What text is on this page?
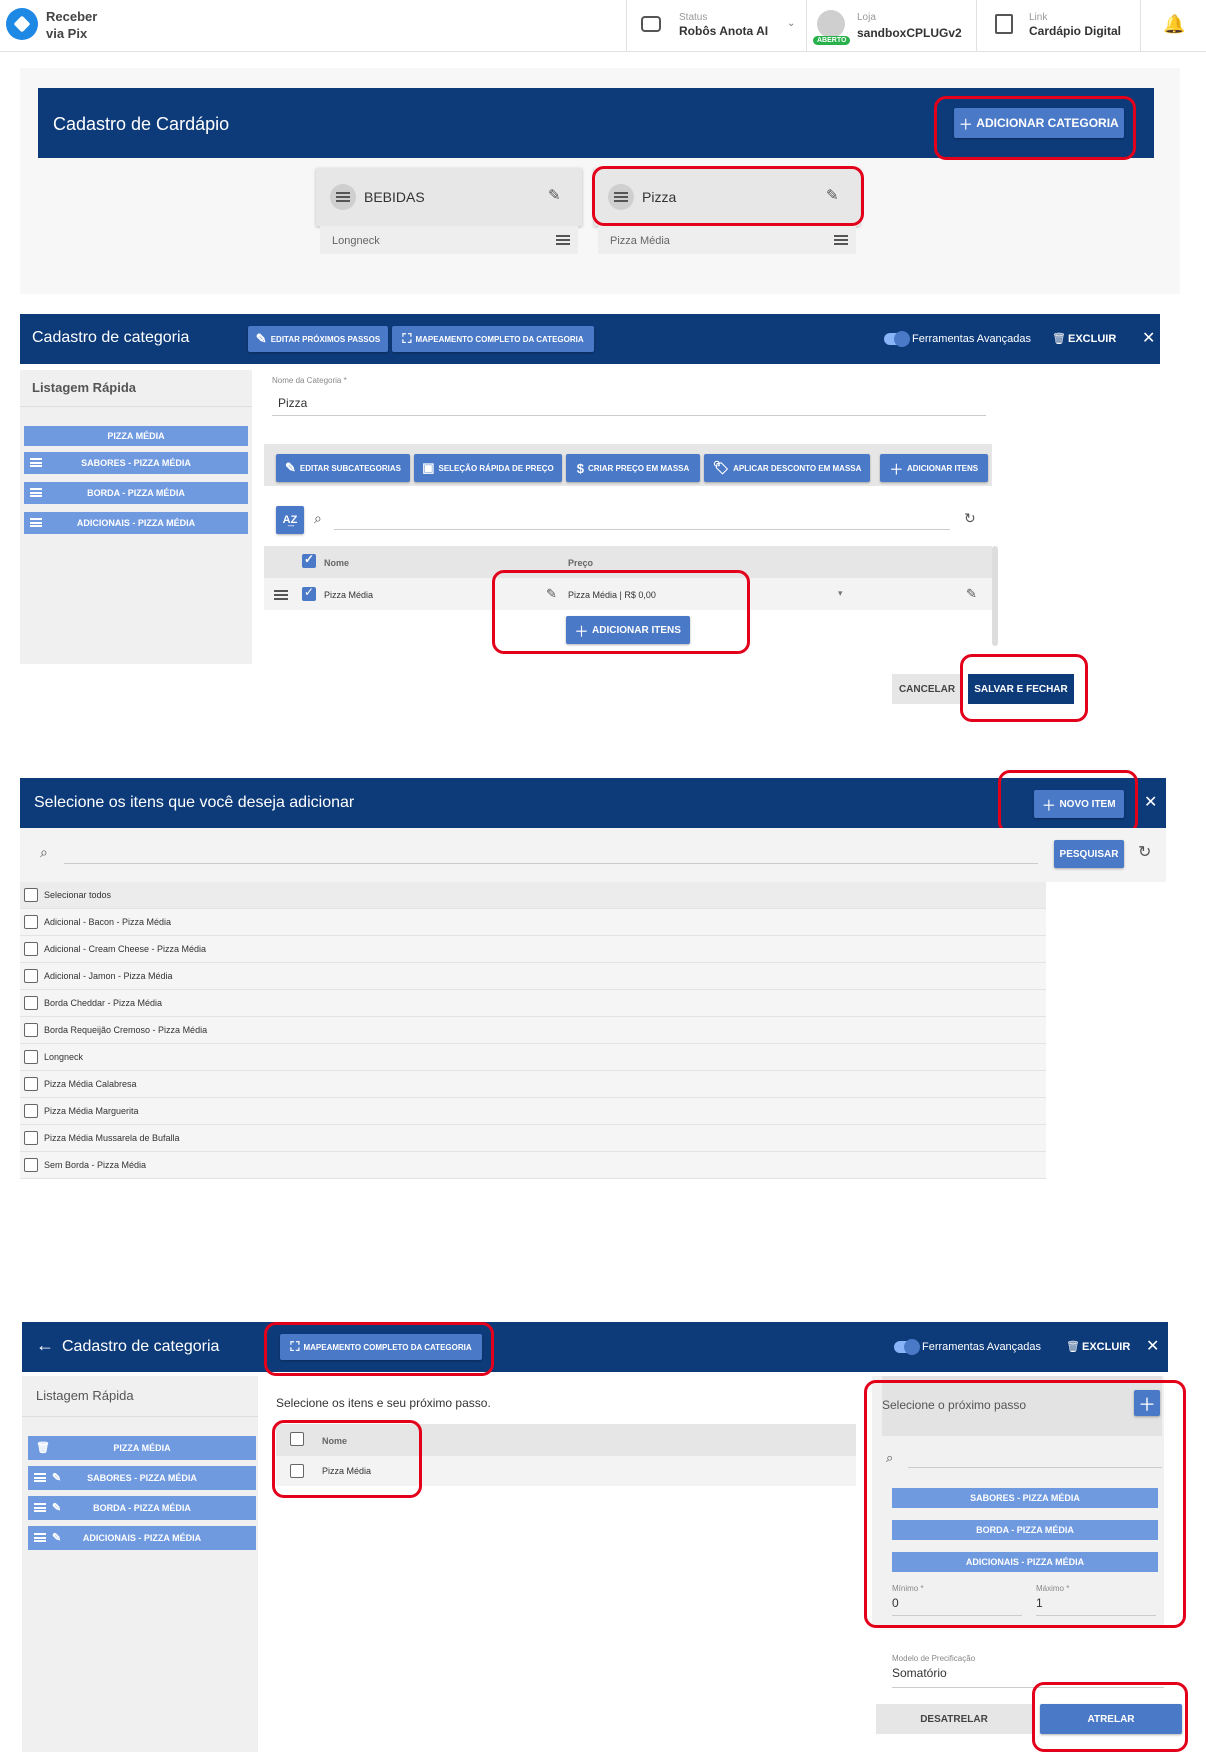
Receber via Pix
Status
Robôs Anota AI
⌄
ABERTO
Loja
sandboxCPLUGv2
Link
Cardápio Digital 🔔
Cadastro de Cardápio	＋ ADICIONAR CATEGORIA
BEBIDAS	✎
Longneck
Pizza	✎
Pizza Média
Cadastro de categoria	✎ EDITAR PRÓXIMOS PASSOS ⛶ MAPEAMENTO COMPLETO DA CATEGORIA	Ferramentas Avançadas 🗑 EXCLUIR ✕
Listagem Rápida
PIZZA MÉDIA
SABORES - PIZZA MÉDIA
BORDA - PIZZA MÉDIA
ADICIONAIS - PIZZA MÉDIA
Nome da Categoria *
Pizza
✎ EDITAR SUBCATEGORIAS ▣ SELEÇÃO RÁPIDA DE PREÇO $ CRIAR PREÇO EM MASSA 🏷 APLICAR DESCONTO EM MASSA ＋ ADICIONAR ITENS
A͢Z	⌕	↻
✓
Nome	Preço
✓
Pizza Média	✎ Pizza Média | R$ 0,00	▾	✎
＋ ADICIONAR ITENS
CANCELAR	SALVAR E FECHAR
Selecione os itens que você deseja adicionar	＋ NOVO ITEM ✕
⌕	PESQUISAR	↻
Selecionar todos
Adicional - Bacon - Pizza Média
Adicional - Cream Cheese - Pizza Média
Adicional - Jamon - Pizza Média
Borda Cheddar - Pizza Média
Borda Requeijão Cremoso - Pizza Média
Longneck
Pizza Média Calabresa
Pizza Média Marguerita
Pizza Média Mussarela de Bufalla
Sem Borda - Pizza Média
← Cadastro de categoria	⛶ MAPEAMENTO COMPLETO DA CATEGORIA	Ferramentas Avançadas 🗑 EXCLUIR ✕
Listagem Rápida
🗑	PIZZA MÉDIA
✎	SABORES - PIZZA MÉDIA
✎	BORDA - PIZZA MÉDIA
✎ ADICIONAIS - PIZZA MÉDIA
Selecione os itens e seu próximo passo.
Nome
Pizza Média
Selecione o próximo passo	＋
⌕
SABORES - PIZZA MÉDIA
BORDA - PIZZA MÉDIA
ADICIONAIS - PIZZA MÉDIA
Mínimo *
0
Máximo *
1
Modelo de Precificação
Somatório
DESATRELAR	ATRELAR
